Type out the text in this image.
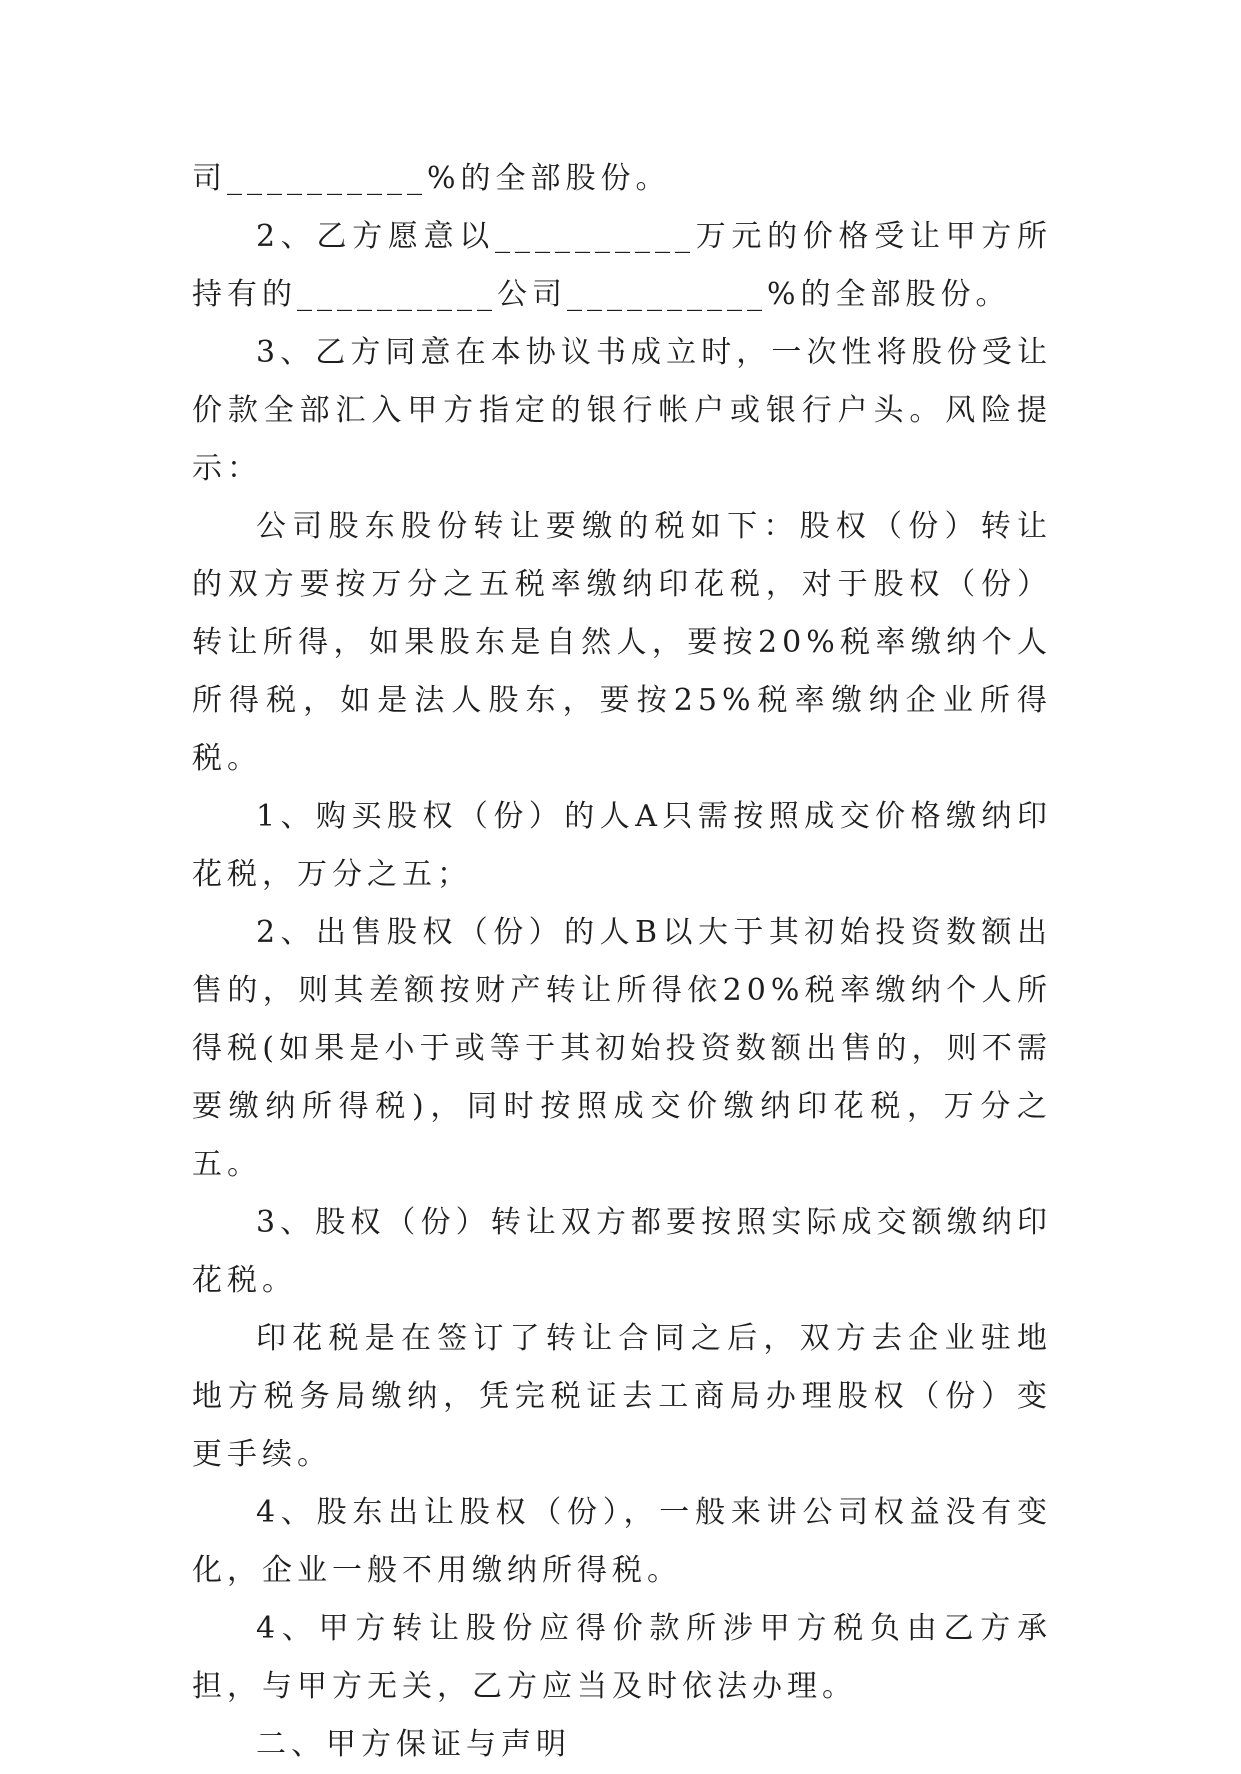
司__________%的全部股份。

2、乙方愿意以__________万元的价格受让甲方所持有的__________公司__________%的全部股份。

3、乙方同意在本协议书成立时，一次性将股份受让价款全部汇入甲方指定的银行帐户或银行户头。风险提示：

公司股东股份转让要缴的税如下：股权（份）转让的双方要按万分之五税率缴纳印花税，对于股权（份）转让所得，如果股东是自然人，要按20%税率缴纳个人所得税，如是法人股东，要按25%税率缴纳企业所得税。

1、购买股权（份）的人A只需按照成交价格缴纳印花税，万分之五；

2、出售股权（份）的人B以大于其初始投资数额出售的，则其差额按财产转让所得依20%税率缴纳个人所得税(如果是小于或等于其初始投资数额出售的，则不需要缴纳所得税)，同时按照成交价缴纳印花税，万分之五。

3、股权（份）转让双方都要按照实际成交额缴纳印花税。

印花税是在签订了转让合同之后，双方去企业驻地地方税务局缴纳，凭完税证去工商局办理股权（份）变更手续。

4、股东出让股权（份），一般来讲公司权益没有变化，企业一般不用缴纳所得税。

4、甲方转让股份应得价款所涉甲方税负由乙方承担，与甲方无关，乙方应当及时依法办理。

二、甲方保证与声明
